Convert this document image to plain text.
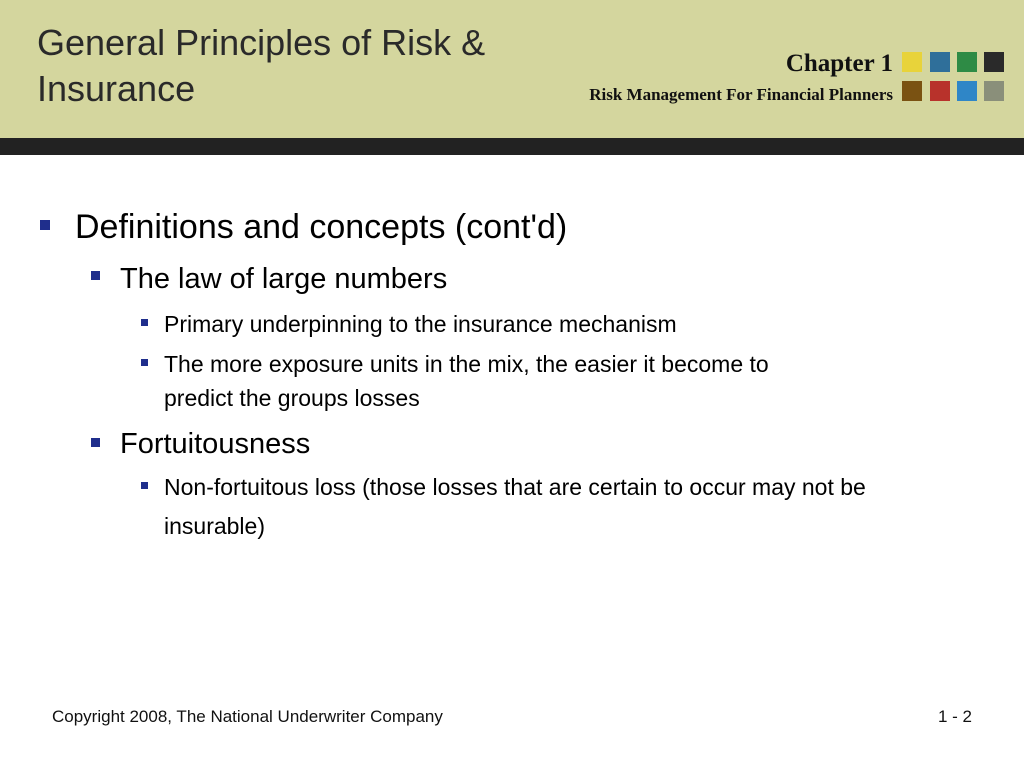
General Principles of Risk &
Insurance
Chapter 1
Risk Management For Financial Planners
Definitions and concepts (cont'd)
The law of large numbers
Primary underpinning to the insurance mechanism
The more exposure units in the mix, the easier it become to
predict the groups losses
Fortuitousness
Non-fortuitous loss (those losses that are certain to occur may not be
insurable)
Copyright 2008, The National Underwriter Company	1 - 2
